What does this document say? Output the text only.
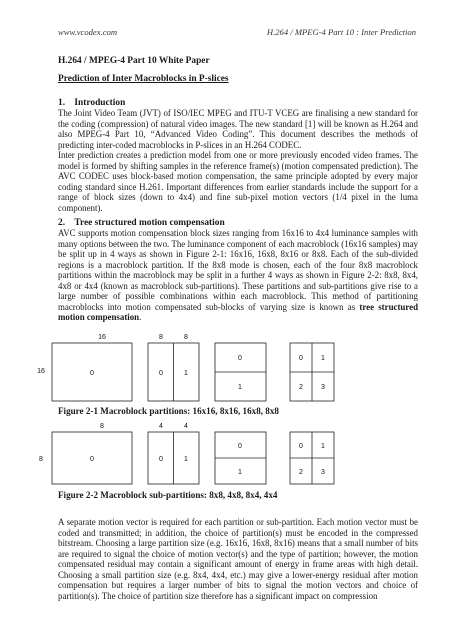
www.vcodex.com	H.264 / MPEG-4 Part 10 : Inter Prediction
H.264 / MPEG-4 Part 10 White Paper
Prediction of Inter Macroblocks in P-slices
1.    Introduction

The Joint Video Team (JVT) of ISO/IEC MPEG and ITU-T VCEG are finalising a new standard for the coding (compression) of natural video images. The new standard [1] will be known as H.264 and also MPEG-4 Part 10, “Advanced Video Coding”. This document describes the methods of predicting inter-coded macroblocks in P-slices in an H.264 CODEC.

Inter prediction creates a prediction model from one or more previously encoded video frames. The model is formed by shifting samples in the reference frame(s) (motion compensated prediction). The AVC CODEC uses block-based motion compensation, the same principle adopted by every major coding standard since H.261. Important differences from earlier standards include the support for a range of block sizes (down to 4x4) and fine sub-pixel motion vectors (1/4 pixel in the luma component).

2.    Tree structured motion compensation

AVC supports motion compensation block sizes ranging from 16x16 to 4x4 luminance samples with many options between the two. The luminance component of each macroblock (16x16 samples) may be split up in 4 ways as shown in Figure 2-1: 16x16, 16x8, 8x16 or 8x8. Each of the sub-divided regions is a macroblock partition. If the 8x8 mode is chosen, each of the four 8x8 macroblock partitions within the macroblock may be split in a further 4 ways as shown in Figure 2-2: 8x8, 8x4, 4x8 or 4x4 (known as macroblock sub-partitions). These partitions and sub-partitions give rise to a large number of possible combinations within each macroblock. This method of partitioning macroblocks into motion compensated sub-blocks of varying size is known as tree structured motion compensation.

16
16
8	8
0	0	1
0
1
0	1
2	3
Figure 2-1 Macroblock partitions: 16x16, 8x16, 16x8, 8x8
8
8
4	4
0	0	1
0
1
0	1
2	3
Figure 2-2 Macroblock sub-partitions: 8x8, 4x8, 8x4, 4x4

A separate motion vector is required for each partition or sub-partition. Each motion vector must be coded and transmitted; in addition, the choice of partition(s) must be encoded in the compressed bitstream. Choosing a large partition size (e.g. 16x16, 16x8, 8x16) means that a small number of bits are required to signal the choice of motion vector(s) and the type of partition; however, the motion compensated residual may contain a significant amount of energy in frame areas with high detail. Choosing a small partition size (e.g. 8x4, 4x4, etc.) may give a lower-energy residual after motion compensation but requires a larger number of bits to signal the motion vectors and choice of partition(s). The choice of partition size therefore has a significant impact on compression
